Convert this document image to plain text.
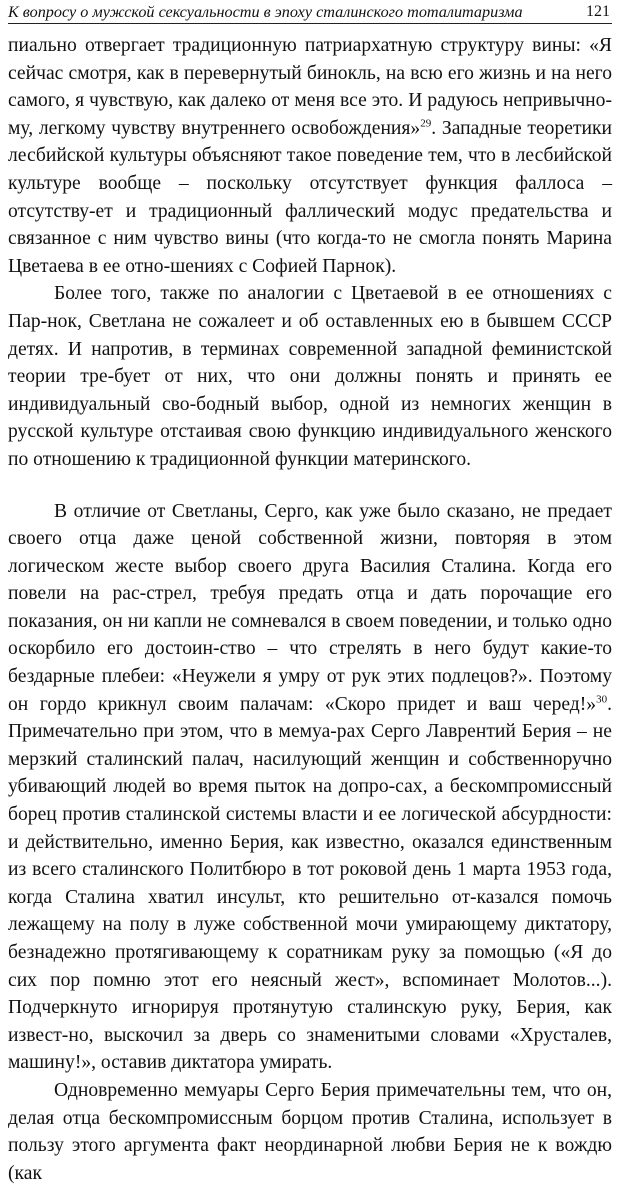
К вопросу о мужской сексуальности в эпоху сталинского тоталитаризма	121

пиально отвергает традиционную патриархатную структуру вины: «Я сейчас смотря, как в перевернутый бинокль, на всю его жизнь и на него самого, я чувствую, как далеко от меня все это. И радуюсь непривычно-му, легкому чувству внутреннего освобождения»$^{29}$. Западные теоретики лесбийской культуры объясняют такое поведение тем, что в лесбийской культуре вообще – поскольку отсутствует функция фаллоса – отсутству-ет и традиционный фаллический модус предательства и связанное с ним чувство вины (что когда-то не смогла понять Марина Цветаева в ее отно-шениях с Софией Парнок).

Более того, также по аналогии с Цветаевой в ее отношениях с Пар-нок, Светлана не сожалеет и об оставленных ею в бывшем СССР детях. И напротив, в терминах современной западной феминистской теории тре-бует от них, что они должны понять и принять ее индивидуальный сво-бодный выбор, одной из немногих женщин в русской культуре отстаивая свою функцию индивидуального женского по отношению к традиционной функции материнского.

В отличие от Светланы, Серго, как уже было сказано, не предает своего отца даже ценой собственной жизни, повторяя в этом логическом жесте выбор своего друга Василия Сталина. Когда его повели на рас-стрел, требуя предать отца и дать порочащие его показания, он ни капли не сомневался в своем поведении, и только одно оскорбило его достоин-ство – что стрелять в него будут какие-то бездарные плебеи: «Неужели я умру от рук этих подлецов?». Поэтому он гордо крикнул своим палачам: «Скоро придет и ваш черед!»$^{30}$. Примечательно при этом, что в мемуа-рах Серго Лаврентий Берия – не мерзкий сталинский палач, насилующий женщин и собственноручно убивающий людей во время пыток на допро-сах, а бескомпромиссный борец против сталинской системы власти и ее логической абсурдности: и действительно, именно Берия, как известно, оказался единственным из всего сталинского Политбюро в тот роковой день 1 марта 1953 года, когда Сталина хватил инсульт, кто решительно от-казался помочь лежащему на полу в луже собственной мочи умирающему диктатору, безнадежно протягивающему к соратникам руку за помощью («Я до сих пор помню этот его неясный жест», вспоминает Молотов...). Подчеркнуто игнорируя протянутую сталинскую руку, Берия, как извест-но, выскочил за дверь со знаменитыми словами «Хрусталев, машину!», оставив диктатора умирать.

Одновременно мемуары Серго Берия примечательны тем, что он, делая отца бескомпромиссным борцом против Сталина, использует в пользу этого аргумента факт неординарной любви Берия не к вождю (как
